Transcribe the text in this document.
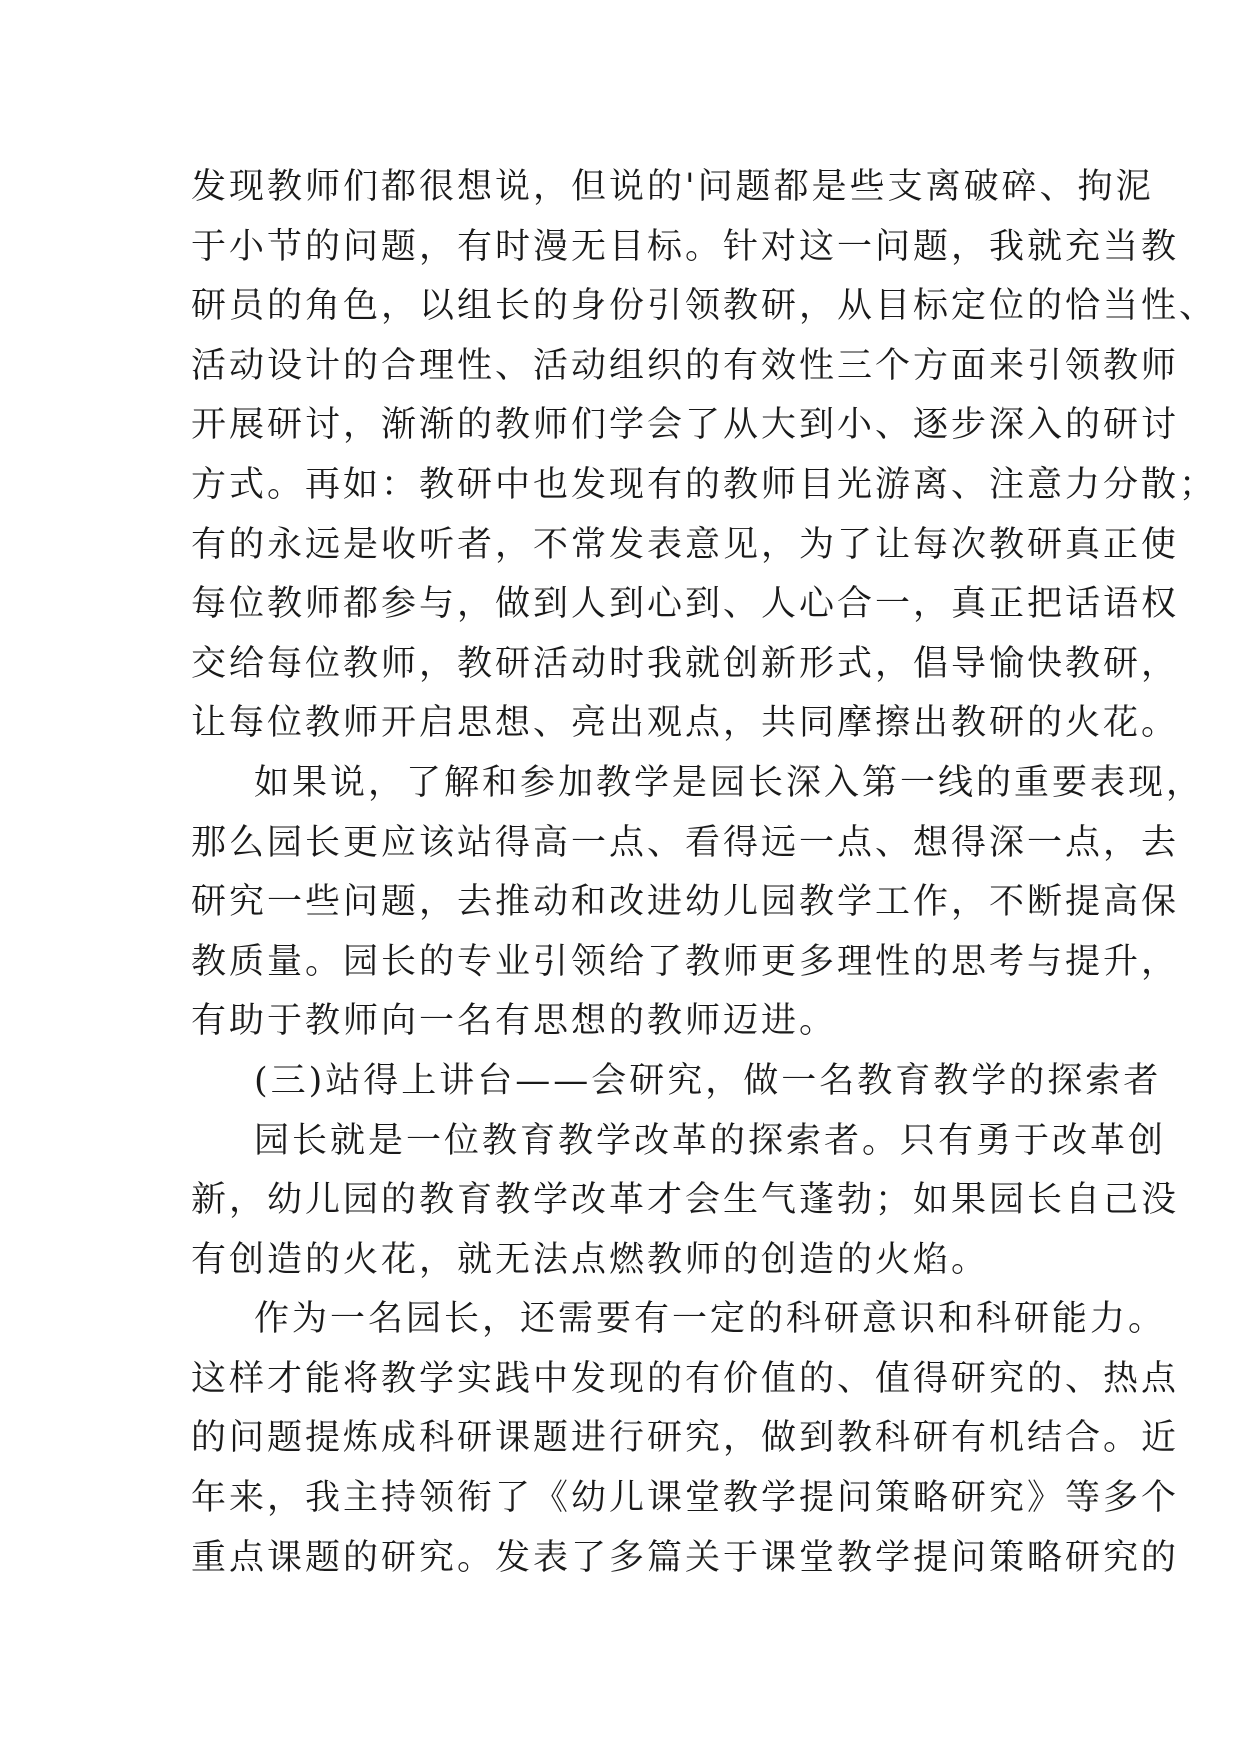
发现教师们都很想说，但说的'问题都是些支离破碎、拘泥
于小节的问题，有时漫无目标。针对这一问题，我就充当教
研员的角色，以组长的身份引领教研，从目标定位的恰当性、
活动设计的合理性、活动组织的有效性三个方面来引领教师
开展研讨，渐渐的教师们学会了从大到小、逐步深入的研讨
方式。再如：教研中也发现有的教师目光游离、注意力分散；
有的永远是收听者，不常发表意见，为了让每次教研真正使
每位教师都参与，做到人到心到、人心合一，真正把话语权
交给每位教师，教研活动时我就创新形式，倡导愉快教研，
让每位教师开启思想、亮出观点，共同摩擦出教研的火花。
如果说，了解和参加教学是园长深入第一线的重要表现，
那么园长更应该站得高一点、看得远一点、想得深一点，去
研究一些问题，去推动和改进幼儿园教学工作，不断提高保
教质量。园长的专业引领给了教师更多理性的思考与提升，
有助于教师向一名有思想的教师迈进。
(三)站得上讲台——会研究，做一名教育教学的探索者
园长就是一位教育教学改革的探索者。只有勇于改革创
新，幼儿园的教育教学改革才会生气蓬勃；如果园长自己没
有创造的火花，就无法点燃教师的创造的火焰。
作为一名园长，还需要有一定的科研意识和科研能力。
这样才能将教学实践中发现的有价值的、值得研究的、热点
的问题提炼成科研课题进行研究，做到教科研有机结合。近
年来，我主持领衔了《幼儿课堂教学提问策略研究》等多个
重点课题的研究。发表了多篇关于课堂教学提问策略研究的
